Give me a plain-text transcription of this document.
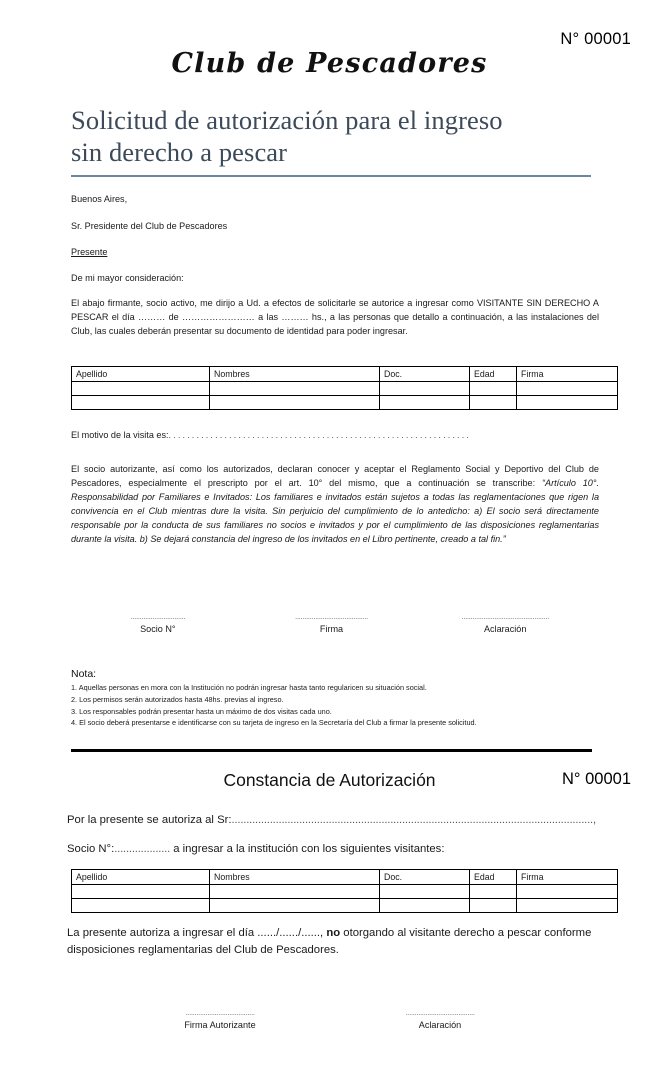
N° 00001
Club de Pescadores
Solicitud de autorización para el ingreso
sin derecho a pescar
Buenos Aires,
Sr. Presidente del Club de Pescadores
Presente
De mi mayor consideración:
El abajo firmante, socio activo, me dirijo a Ud. a efectos de solicitarle se autorice a ingresar como VISITANTE SIN DERECHO A PESCAR el día ……… de …………………… a las ……… hs., a las personas que detallo a continuación, a las instalaciones del Club, las cuales deberán presentar su documento de identidad para poder ingresar.
Apellido	Nombres	Doc.	Edad	Firma

El motivo de la visita es:. . . . . . . . . . . . . . . . . . . . . . . . . . . . . . . . . . . . . . . . . . . . . . . . . . . . . . . . . . . . . . . . .
El socio autorizante, así como los autorizados, declaran conocer y aceptar el Reglamento Social y Deportivo del Club de Pescadores, especialmente el prescripto por el art. 10° del mismo, que a continuación se transcribe: “Artículo 10°. Responsabilidad por Familiares e Invitados: Los familiares e invitados están sujetos a todas las reglamentaciones que rigen la convivencia en el Club mientras dure la visita. Sin perjuicio del cumplimiento de lo antedicho: a) El socio será directamente responsable por la conducta de sus familiares no socios e invitados y por el cumplimiento de las disposiciones reglamentarias durante la visita. b) Se dejará constancia del ingreso de los invitados en el Libro pertinente, creado a tal fin.”
..............................
Socio N°
........................................
Firma
................................................
Aclaración
Nota:
1. Aquellas personas en mora con la Institución no podrán ingresar hasta tanto regularicen su situación social.
2. Los permisos serán autorizados hasta 48hs. previas al ingreso.
3. Los responsables podrán presentar hasta un máximo de dos visitas cada uno.
4. El socio deberá presentarse e identificarse con su tarjeta de ingreso en la Secretaría del Club a firmar la presente solicitud.
Constancia de Autorización	N° 00001
Por la presente se autoriza al Sr:...........................................................................................................................,
Socio N°:................... a ingresar a la institución con los siguientes visitantes:
Apellido	Nombres	Doc.	Edad	Firma

La presente autoriza a ingresar el día ....../....../......, no otorgando al visitante derecho a pescar conforme disposiciones reglamentarias del Club de Pescadores.
......................................
Firma Autorizante
......................................
Aclaración
